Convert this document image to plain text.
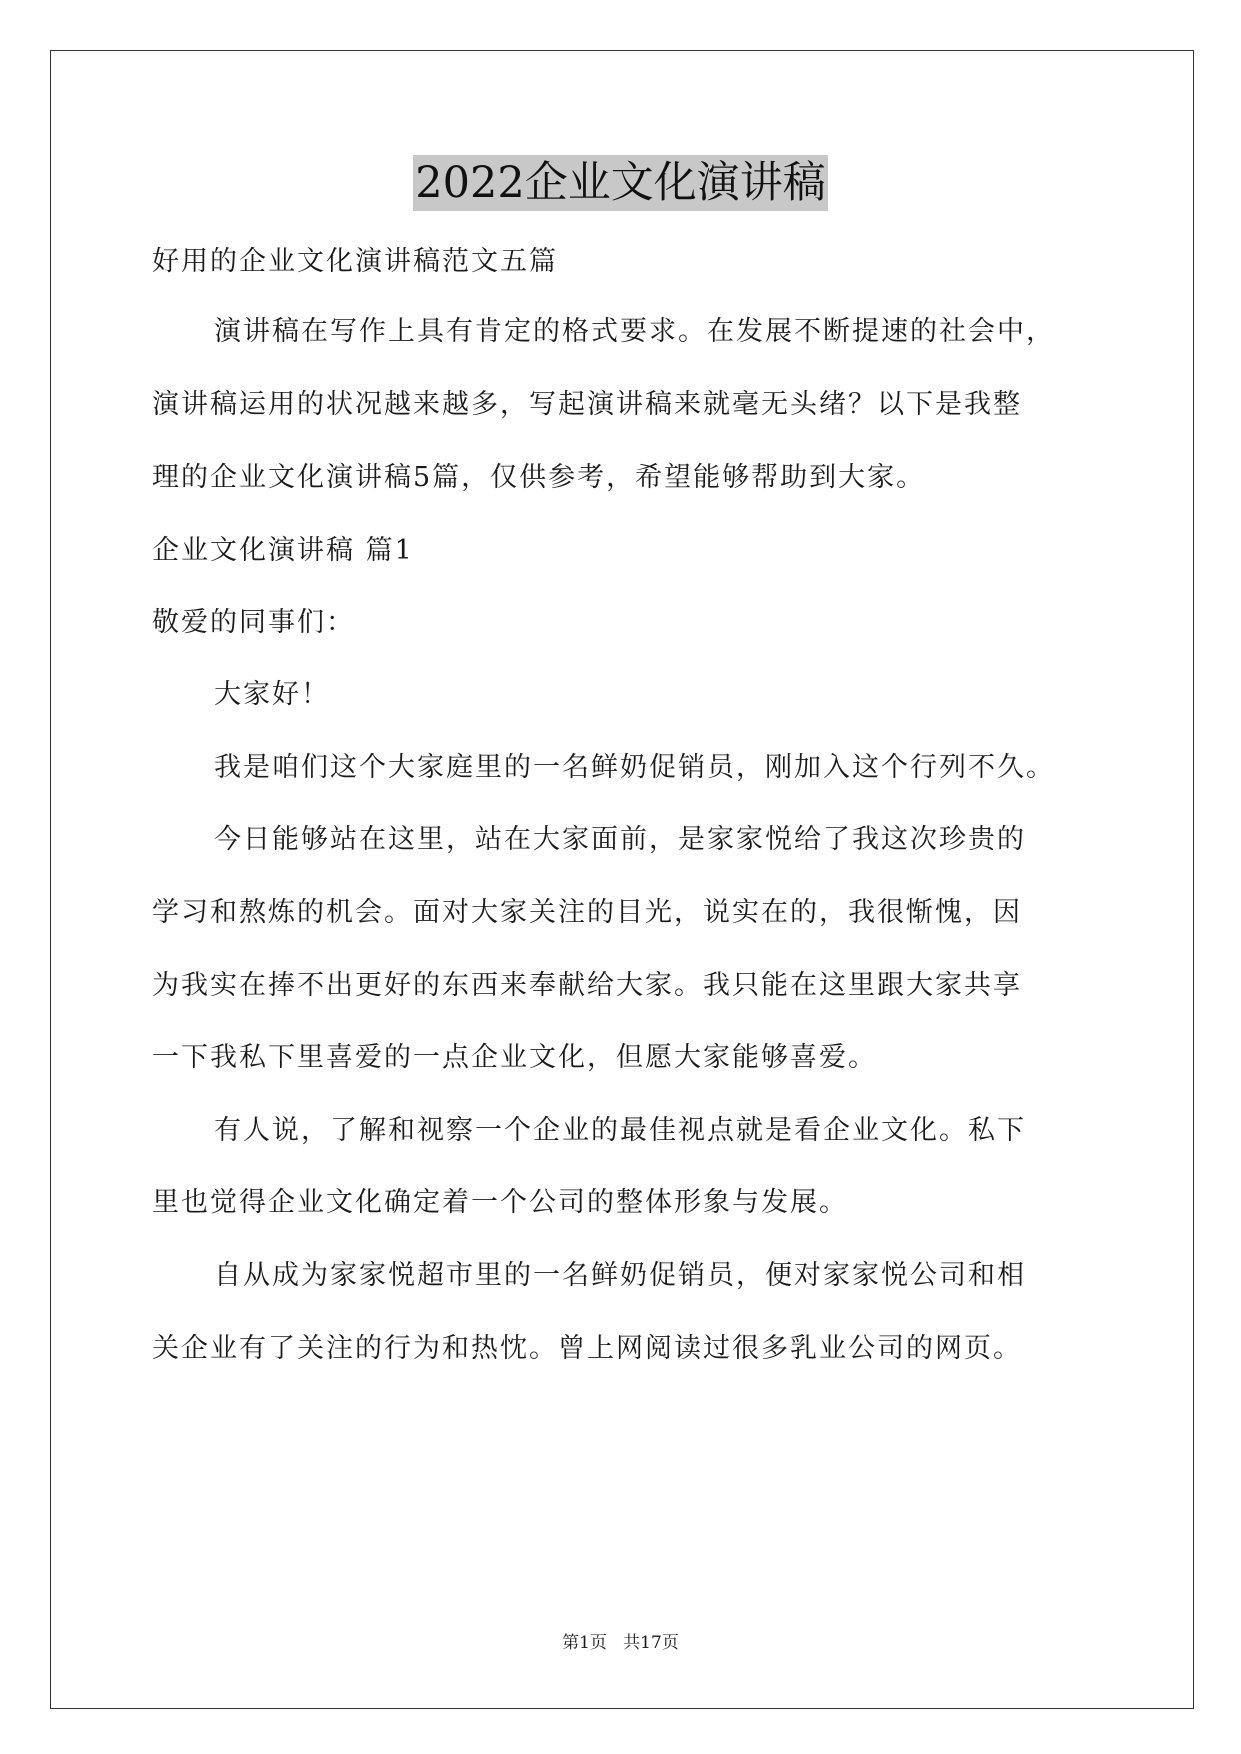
2022企业文化演讲稿

好用的企业文化演讲稿范文五篇

演讲稿在写作上具有肯定的格式要求。在发展不断提速的社会中，

演讲稿运用的状况越来越多，写起演讲稿来就毫无头绪？以下是我整

理的企业文化演讲稿5篇，仅供参考，希望能够帮助到大家。

企业文化演讲稿 篇1

敬爱的同事们：

大家好！

我是咱们这个大家庭里的一名鲜奶促销员，刚加入这个行列不久。

今日能够站在这里，站在大家面前，是家家悦给了我这次珍贵的

学习和熬炼的机会。面对大家关注的目光，说实在的，我很惭愧，因

为我实在捧不出更好的东西来奉献给大家。我只能在这里跟大家共享

一下我私下里喜爱的一点企业文化，但愿大家能够喜爱。

有人说，了解和视察一个企业的最佳视点就是看企业文化。私下

里也觉得企业文化确定着一个公司的整体形象与发展。

自从成为家家悦超市里的一名鲜奶促销员，便对家家悦公司和相

关企业有了关注的行为和热忱。曾上网阅读过很多乳业公司的网页。

第1页   共17页
